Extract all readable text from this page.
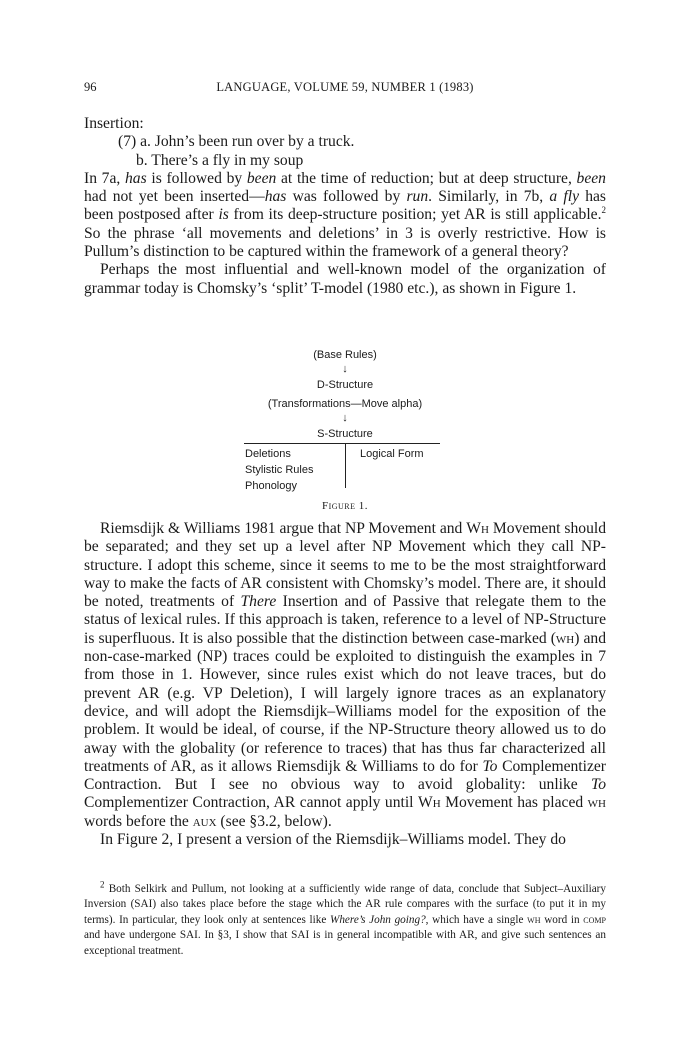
96	LANGUAGE, VOLUME 59, NUMBER 1 (1983)

Insertion:

(7) a. John’s been run over by a truck.

b. There’s a fly in my soup

In 7a, has is followed by been at the time of reduction; but at deep structure, been had not yet been inserted—has was followed by run. Similarly, in 7b, a fly has been postposed after is from its deep-structure position; yet AR is still applicable.$^2$ So the phrase ‘all movements and deletions’ in 3 is overly restrictive. How is Pullum’s distinction to be captured within the framework of a general theory?

Perhaps the most influential and well-known model of the organization of grammar today is Chomsky’s ‘split’ T-model (1980 etc.), as shown in Figure 1.

(Base Rules)
↓
D-Structure
(Transformations—Move alpha)
↓
S-Structure
Deletions
Stylistic Rules
Phonology
Logical Form
Figure 1.

Riemsdijk & Williams 1981 argue that NP Movement and Wh Movement should be separated; and they set up a level after NP Movement which they call NP-structure. I adopt this scheme, since it seems to me to be the most straightforward way to make the facts of AR consistent with Chomsky’s model. There are, it should be noted, treatments of There Insertion and of Passive that relegate them to the status of lexical rules. If this approach is taken, reference to a level of NP-Structure is superfluous. It is also possible that the distinction between case-marked (wh) and non-case-marked (NP) traces could be exploited to distinguish the examples in 7 from those in 1. However, since rules exist which do not leave traces, but do prevent AR (e.g. VP Deletion), I will largely ignore traces as an explanatory device, and will adopt the Riemsdijk–Williams model for the exposition of the problem. It would be ideal, of course, if the NP-Structure theory allowed us to do away with the globality (or reference to traces) that has thus far characterized all treatments of AR, as it allows Riemsdijk & Williams to do for To Complementizer Contraction. But I see no obvious way to avoid globality: unlike To Complementizer Contraction, AR cannot apply until Wh Movement has placed wh words before the aux (see §3.2, below).

In Figure 2, I present a version of the Riemsdijk–Williams model. They do

$^2$ Both Selkirk and Pullum, not looking at a sufficiently wide range of data, conclude that Subject–Auxiliary Inversion (SAI) also takes place before the stage which the AR rule compares with the surface (to put it in my terms). In particular, they look only at sentences like Where’s John going?, which have a single wh word in comp and have undergone SAI. In §3, I show that SAI is in general incompatible with AR, and give such sentences an exceptional treatment.
